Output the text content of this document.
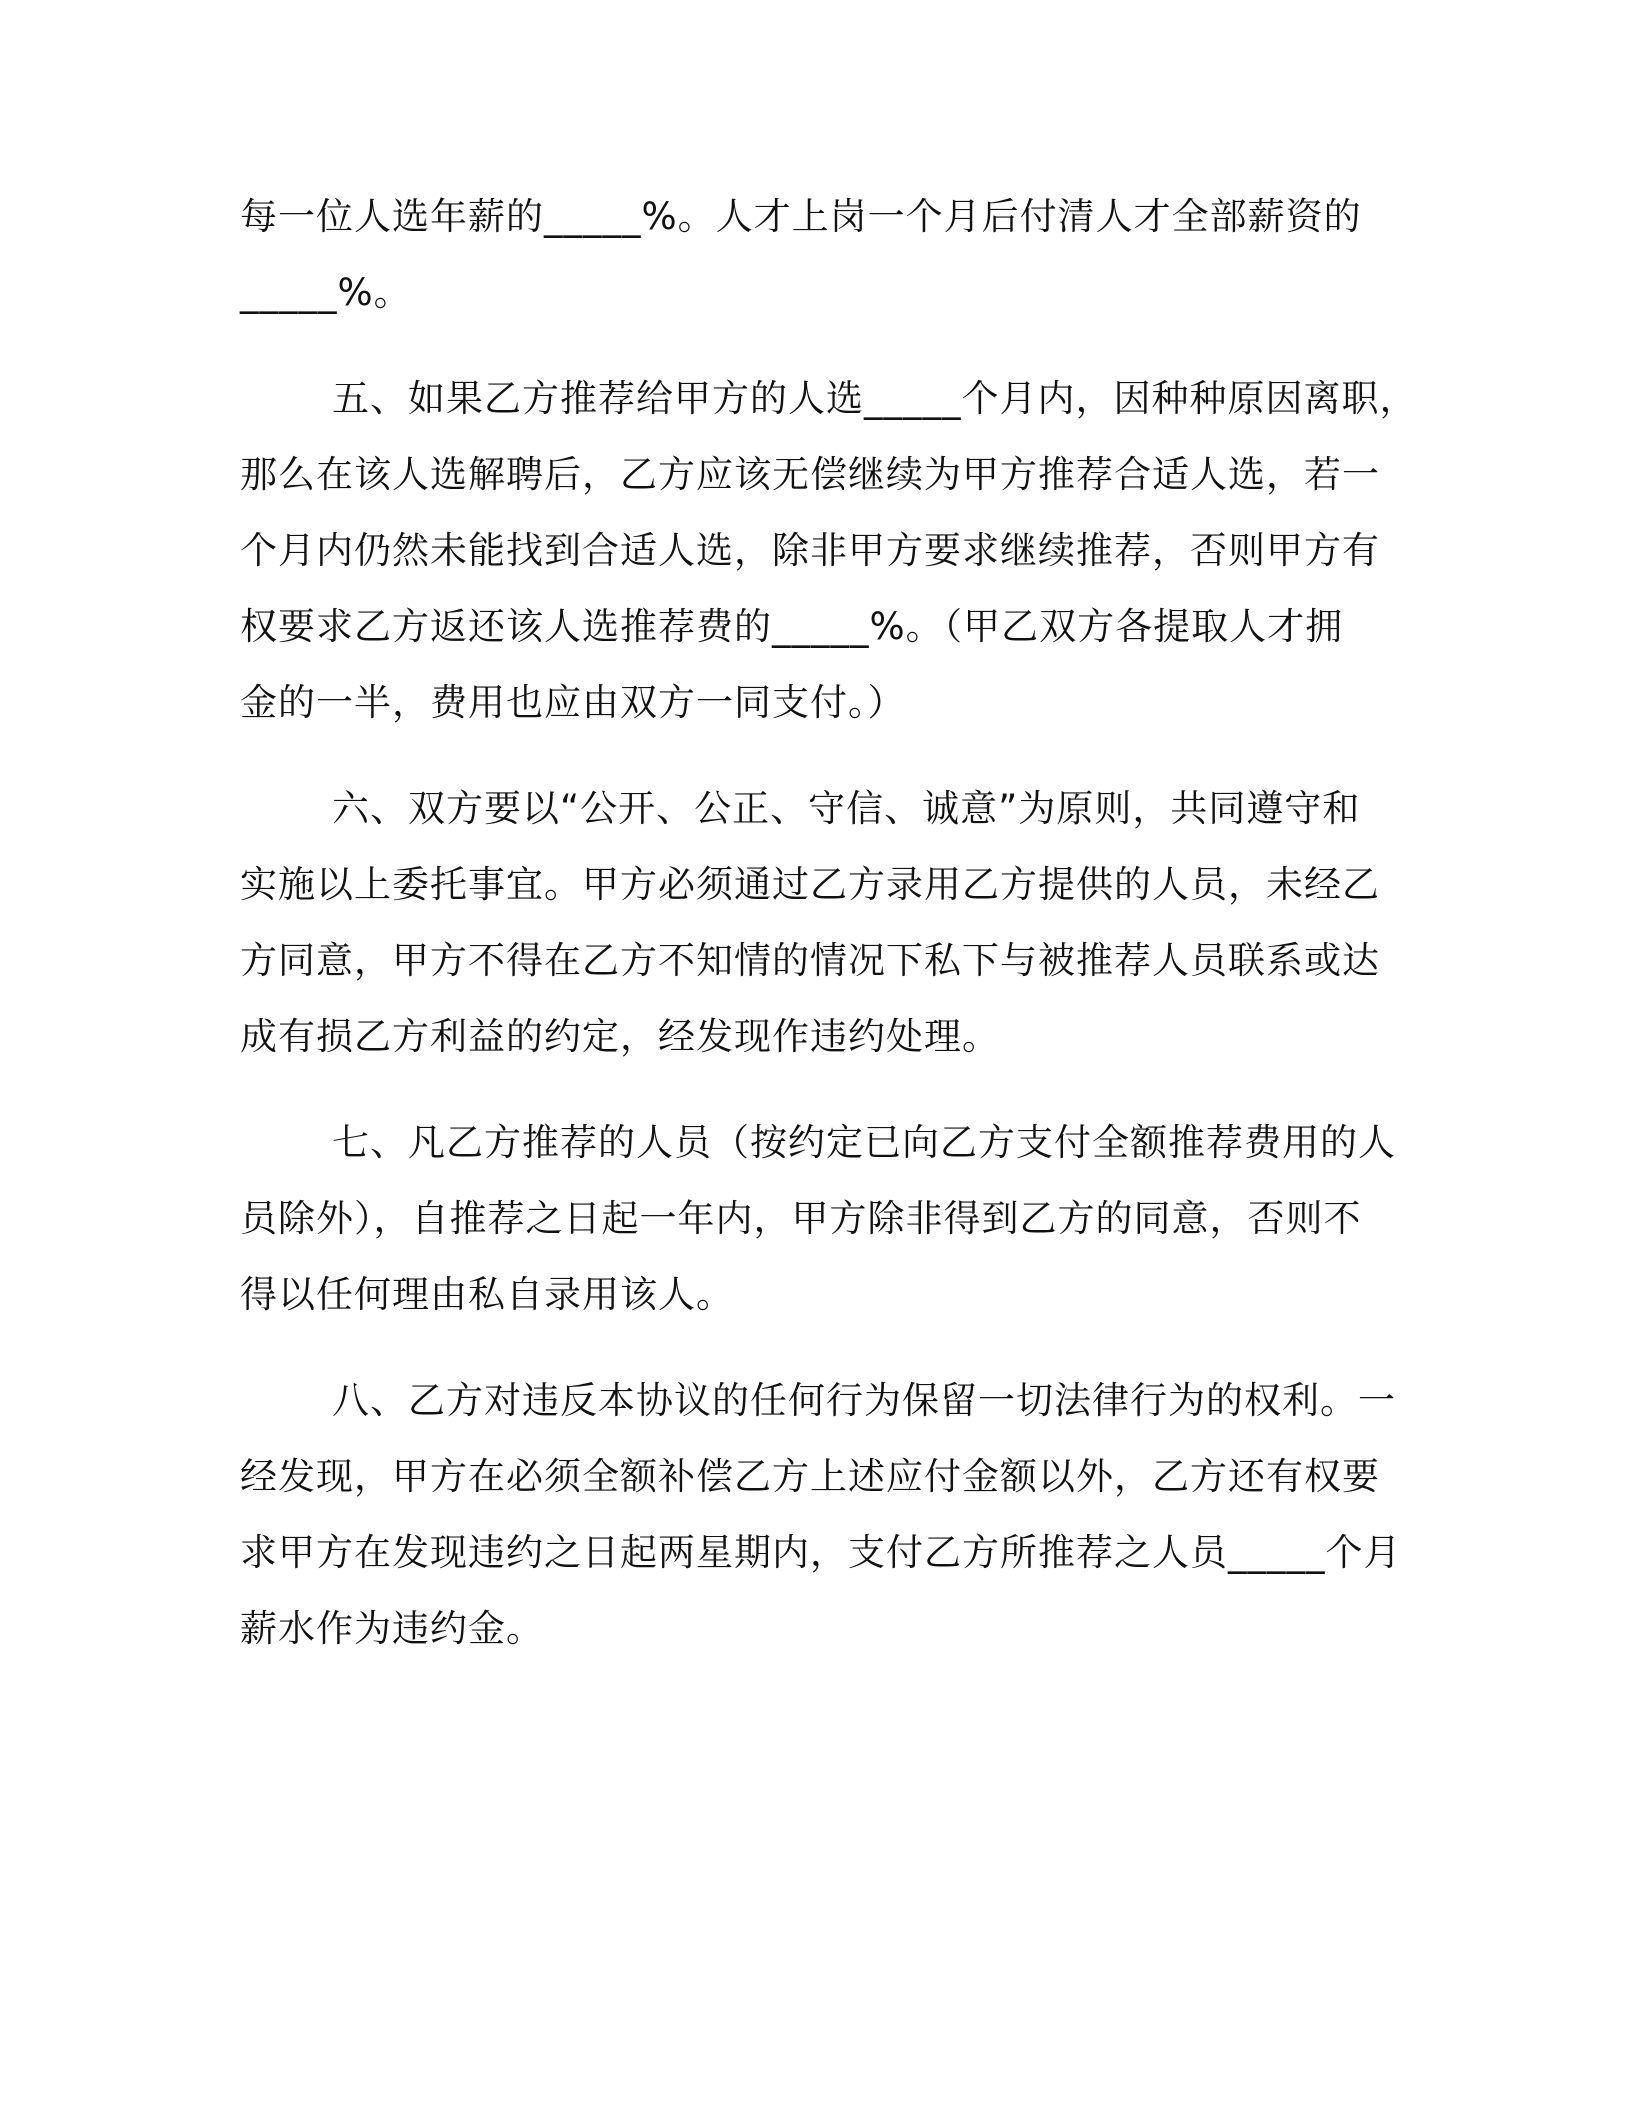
每一位人选年薪的_____%。人才上岗一个月后付清人才全部薪资的
_____%。
五、如果乙方推荐给甲方的人选_____个月内，因种种原因离职，
那么在该人选解聘后，乙方应该无偿继续为甲方推荐合适人选，若一
个月内仍然未能找到合适人选，除非甲方要求继续推荐，否则甲方有
权要求乙方返还该人选推荐费的_____%。（甲乙双方各提取人才拥
金的一半，费用也应由双方一同支付。）
六、双方要以“公开、公正、守信、诚意”为原则，共同遵守和
实施以上委托事宜。甲方必须通过乙方录用乙方提供的人员，未经乙
方同意，甲方不得在乙方不知情的情况下私下与被推荐人员联系或达
成有损乙方利益的约定，经发现作违约处理。
七、凡乙方推荐的人员（按约定已向乙方支付全额推荐费用的人
员除外），自推荐之日起一年内，甲方除非得到乙方的同意，否则不
得以任何理由私自录用该人。
八、乙方对违反本协议的任何行为保留一切法律行为的权利。一
经发现，甲方在必须全额补偿乙方上述应付金额以外，乙方还有权要
求甲方在发现违约之日起两星期内，支付乙方所推荐之人员_____个月
薪水作为违约金。
